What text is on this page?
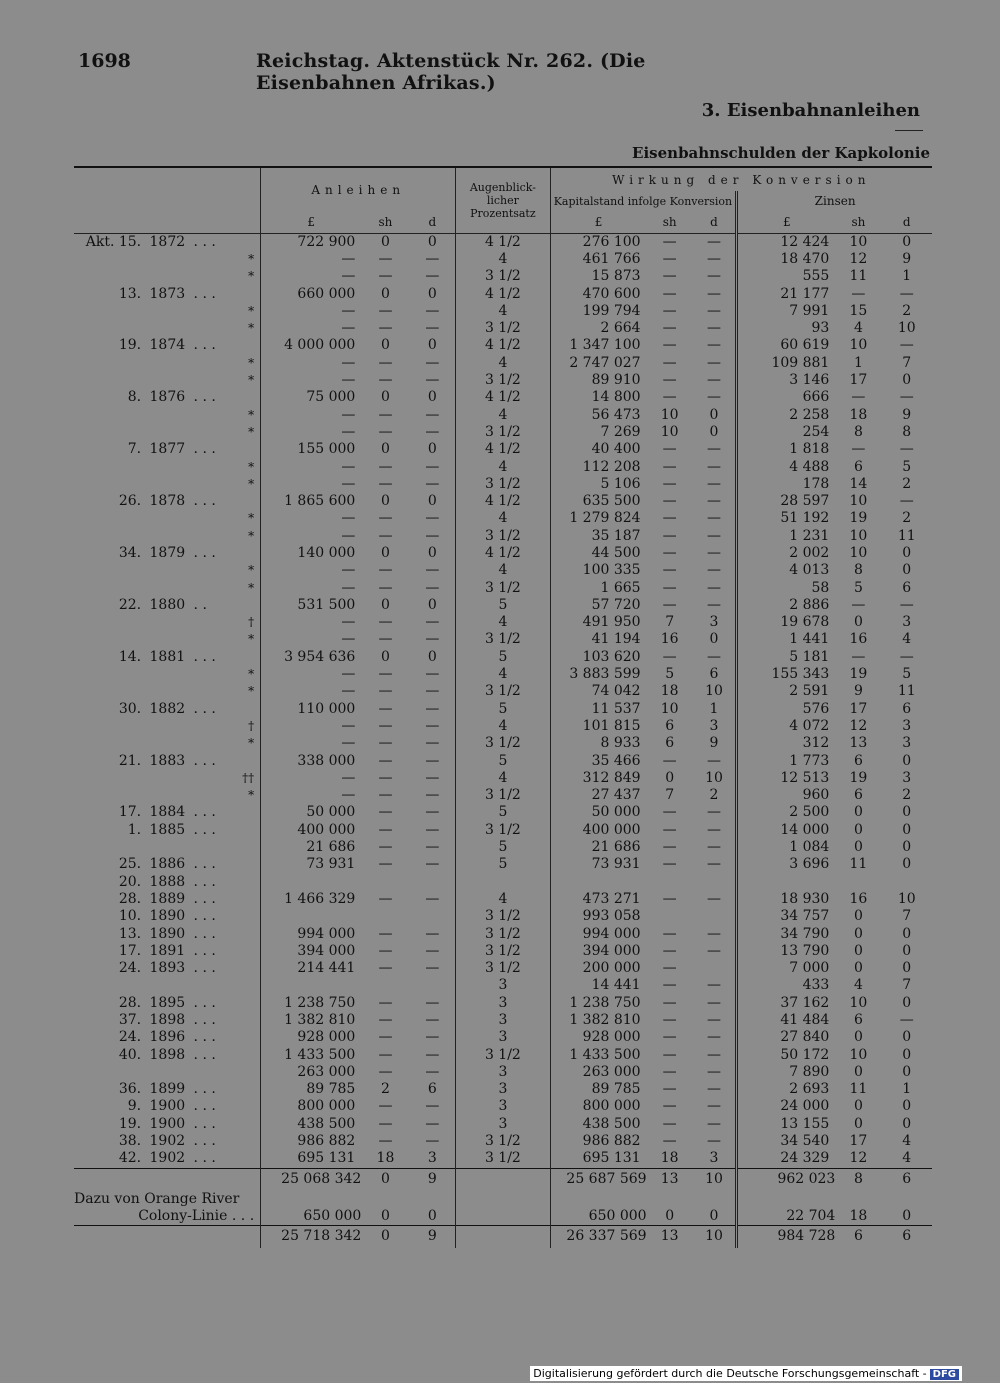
1698	Reichstag. Aktenstück Nr. 262. (Die Eisenbahnen Afrikas.)
3. Eisenbahnanleihen
Eisenbahnschulden der Kapkolonie
				Anleihen			Augenblick-licher Prozentsatz	Wirkung der Konversion					
								Kapitalstand infolge Konversion			Zinsen		
				£	sh	d		£	sh	d	£	sh	d
Akt. 15.	1872	. . .		722 900	0	0	4 1/2	276 100	—	—	12 424	10	0
			*	—	—	—	4	461 766	—	—	18 470	12	9
			*	—	—	—	3 1/2	15 873	—	—	555	11	1
13.	1873	. . .		660 000	0	0	4 1/2	470 600	—	—	21 177	—	—
			*	—	—	—	4	199 794	—	—	7 991	15	2
			*	—	—	—	3 1/2	2 664	—	—	93	4	10
19.	1874	. . .		4 000 000	0	0	4 1/2	1 347 100	—	—	60 619	10	—
			*	—	—	—	4	2 747 027	—	—	109 881	1	7
			*	—	—	—	3 1/2	89 910	—	—	3 146	17	0
8.	1876	. . .		75 000	0	0	4 1/2	14 800	—	—	666	—	—
			*	—	—	—	4	56 473	10	0	2 258	18	9
			*	—	—	—	3 1/2	7 269	10	0	254	8	8
7.	1877	. . .		155 000	0	0	4 1/2	40 400	—	—	1 818	—	—
			*	—	—	—	4	112 208	—	—	4 488	6	5
			*	—	—	—	3 1/2	5 106	—	—	178	14	2
26.	1878	. . .		1 865 600	0	0	4 1/2	635 500	—	—	28 597	10	—
			*	—	—	—	4	1 279 824	—	—	51 192	19	2
			*	—	—	—	3 1/2	35 187	—	—	1 231	10	11
34.	1879	. . .		140 000	0	0	4 1/2	44 500	—	—	2 002	10	0
			*	—	—	—	4	100 335	—	—	4 013	8	0
			*	—	—	—	3 1/2	1 665	—	—	58	5	6
22.	1880	. .		531 500	0	0	5	57 720	—	—	2 886	—	—
			†	—	—	—	4	491 950	7	3	19 678	0	3
			*	—	—	—	3 1/2	41 194	16	0	1 441	16	4
14.	1881	. . .		3 954 636	0	0	5	103 620	—	—	5 181	—	—
			*	—	—	—	4	3 883 599	5	6	155 343	19	5
			*	—	—	—	3 1/2	74 042	18	10	2 591	9	11
30.	1882	. . .		110 000	—	—	5	11 537	10	1	576	17	6
			†	—	—	—	4	101 815	6	3	4 072	12	3
			*	—	—	—	3 1/2	8 933	6	9	312	13	3
21.	1883	. . .		338 000	—	—	5	35 466	—	—	1 773	6	0
			††	—	—	—	4	312 849	0	10	12 513	19	3
			*	—	—	—	3 1/2	27 437	7	2	960	6	2
17.	1884	. . .		50 000	—	—	5	50 000	—	—	2 500	0	0
1.	1885	. . .		400 000	—	—	3 1/2	400 000	—	—	14 000	0	0
				21 686	—	—	5	21 686	—	—	1 084	0	0
25.	1886	. . .		73 931	—	—	5	73 931	—	—	3 696	11	0
20.	1888	. . .											
28.	1889	. . .		1 466 329	—	—	4	473 271	—	—	18 930	16	10
10.	1890	. . .					3 1/2	993 058			34 757	0	7
13.	1890	. . .		994 000	—	—	3 1/2	994 000	—	—	34 790	0	0
17.	1891	. . .		394 000	—	—	3 1/2	394 000	—	—	13 790	0	0
24.	1893	. . .		214 441	—	—	3 1/2	200 000	—		7 000	0	0
							3	14 441	—	—	433	4	7
28.	1895	. . .		1 238 750	—	—	3	1 238 750	—	—	37 162	10	0
37.	1898	. . .		1 382 810	—	—	3	1 382 810	—	—	41 484	6	—
24.	1896	. . .		928 000	—	—	3	928 000	—	—	27 840	0	0
40.	1898	. . .		1 433 500	—	—	3 1/2	1 433 500	—	—	50 172	10	0
				263 000	—	—	3	263 000	—	—	7 890	0	0
36.	1899	. . .		89 785	2	6	3	89 785	—	—	2 693	11	1
9.	1900	. . .		800 000	—	—	3	800 000	—	—	24 000	0	0
19.	1900	. . .		438 500	—	—	3	438 500	—	—	13 155	0	0
38.	1902	. . .		986 882	—	—	3 1/2	986 882	—	—	34 540	17	4
42.	1902	. . .		695 131	18	3	3 1/2	695 131	18	3	24 329	12	4
				25 068 342	0	9		25 687 569	13	10	962 023	8	6
Dazu von Orange River													
Colony-Linie . . .				650 000	0	0		650 000	0	0	22 704	18	0
				25 718 342	0	9		26 337 569	13	10	984 728	6	6
Digitalisierung gefördert durch die Deutsche Forschungsgemeinschaft - DFG
